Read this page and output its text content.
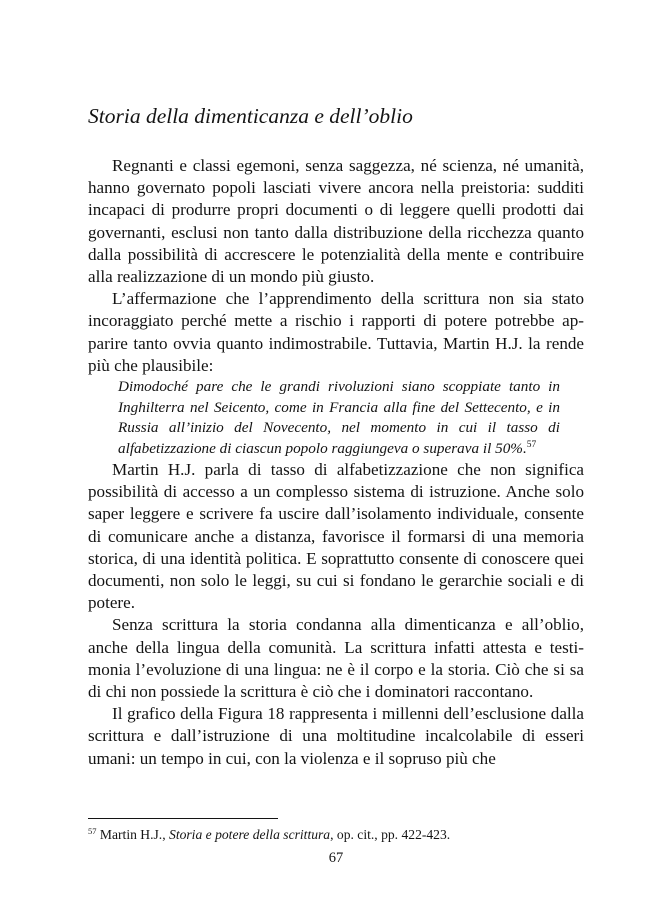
Storia della dimenticanza e dell’oblio

Regnanti e classi egemoni, senza saggezza, né scienza, né umanità, hanno governato popoli lasciati vivere ancora nella preistoria: sudditi incapaci di produrre propri documenti o di leggere quelli prodotti dai governanti, esclusi non tanto dalla distribuzione della ricchezza quanto dalla possibilità di accrescere le potenzialità della mente e contribuire alla realizzazione di un mondo più giusto.

L’affermazione che l’apprendimento della scrittura non sia stato incoraggiato perché mette a rischio i rapporti di potere potrebbe apparire tanto ovvia quanto indimostrabile. Tuttavia, Martin H.J. la rende più che plausibile:

Dimodoché pare che le grandi rivoluzioni siano scoppiate tanto in Inghilterra nel Seicento, come in Francia alla fine del Settecento, e in Russia all’inizio del Novecento, nel momento in cui il tasso di alfabetizzazione di ciascun popolo raggiungeva o superava il 50%.$^{57}$

Martin H.J. parla di tasso di alfabetizzazione che non significa possibilità di accesso a un complesso sistema di istruzione. Anche solo saper leggere e scrivere fa uscire dall’isolamento individuale, consente di comunicare anche a distanza, favorisce il formarsi di una memoria storica, di una identità politica. E soprattutto consente di conoscere quei documenti, non solo le leggi, su cui si fondano le gerarchie sociali e di potere.

Senza scrittura la storia condanna alla dimenticanza e all’oblio, anche della lingua della comunità. La scrittura infatti attesta e testimonia l’evoluzione di una lingua: ne è il corpo e la storia. Ciò che si sa di chi non possiede la scrittura è ciò che i dominatori raccontano.

Il grafico della Figura 18 rappresenta i millenni dell’esclusione dalla scrittura e dall’istruzione di una moltitudine incalcolabile di esseri umani: un tempo in cui, con la violenza e il sopruso più che

$^{57}$ Martin H.J., Storia e potere della scrittura, op. cit., pp. 422-423.
67
